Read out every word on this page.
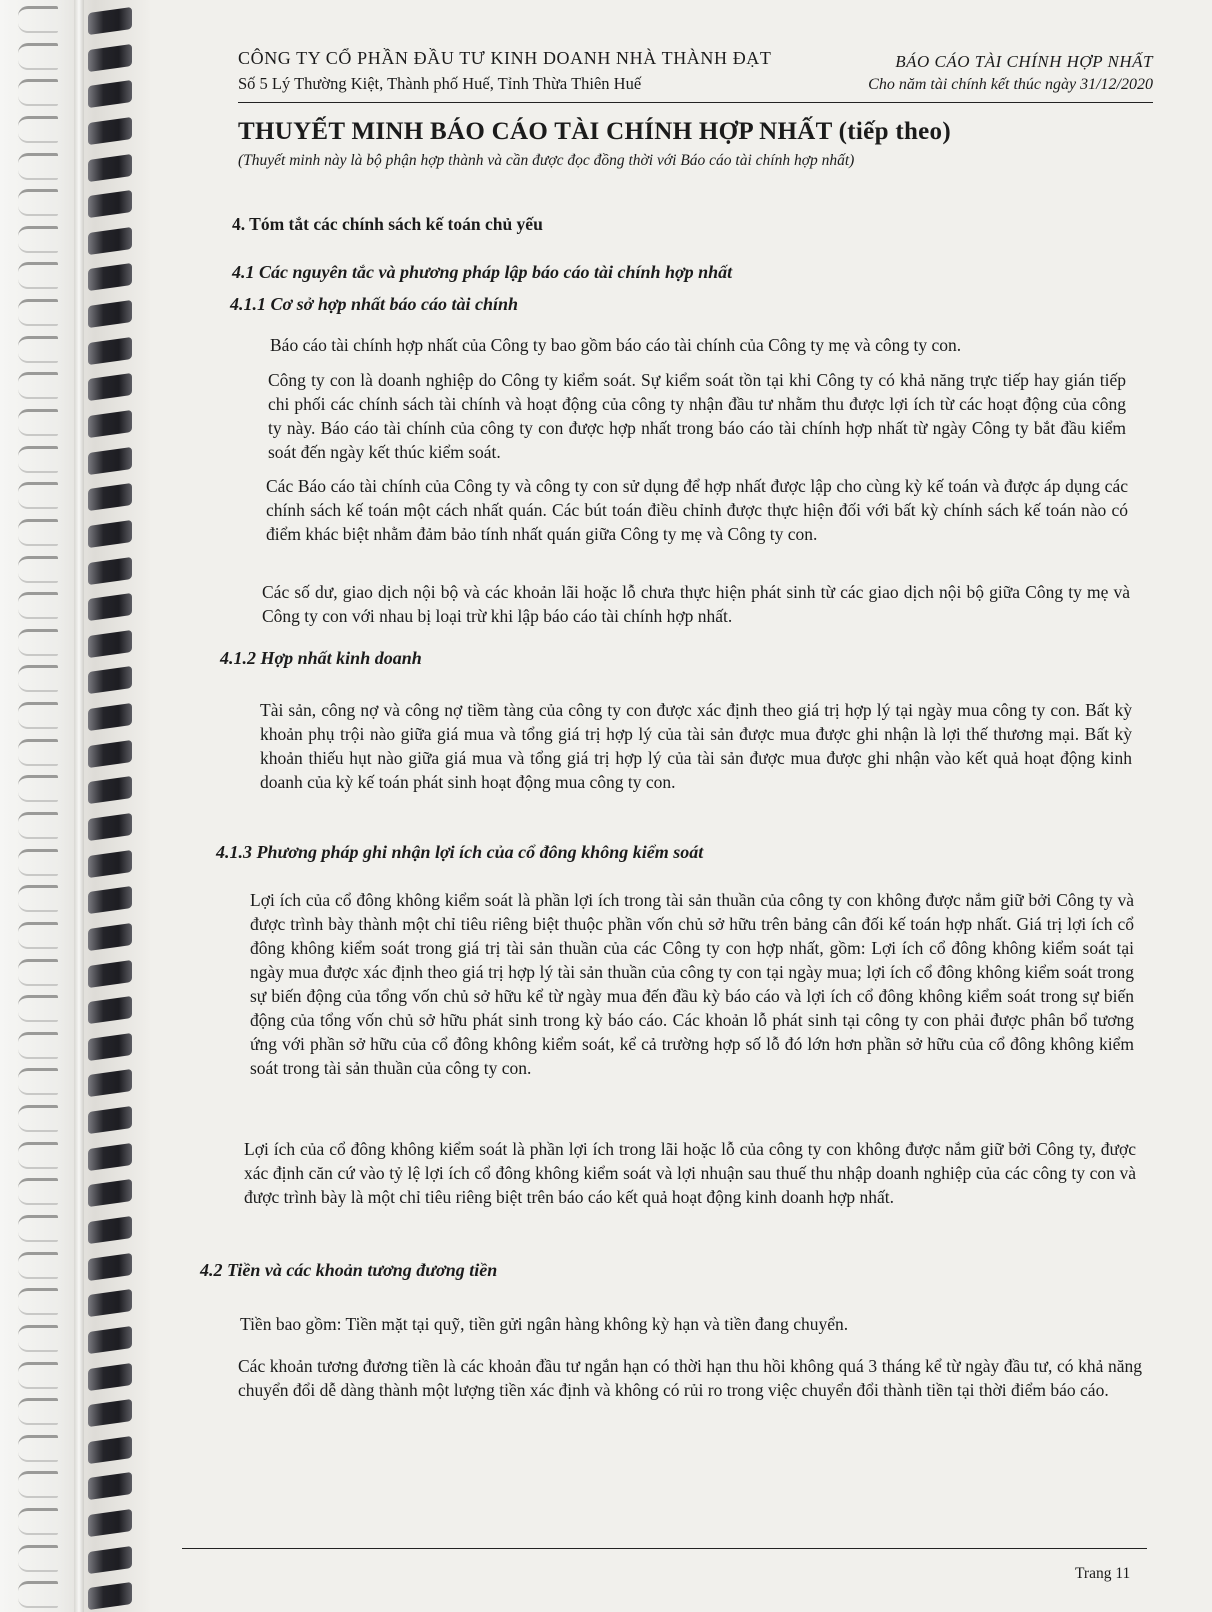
CÔNG TY CỔ PHẦN ĐẦU TƯ KINH DOANH NHÀ THÀNH ĐẠT
Số 5 Lý Thường Kiệt, Thành phố Huế, Tỉnh Thừa Thiên Huế
BÁO CÁO TÀI CHÍNH HỢP NHẤT
Cho năm tài chính kết thúc ngày 31/12/2020
THUYẾT MINH BÁO CÁO TÀI CHÍNH HỢP NHẤT (tiếp theo)
(Thuyết minh này là bộ phận hợp thành và cần được đọc đồng thời với Báo cáo tài chính hợp nhất)
4. Tóm tắt các chính sách kế toán chủ yếu
4.1 Các nguyên tắc và phương pháp lập báo cáo tài chính hợp nhất
4.1.1 Cơ sở hợp nhất báo cáo tài chính
Báo cáo tài chính hợp nhất của Công ty bao gồm báo cáo tài chính của Công ty mẹ và công ty con.
Công ty con là doanh nghiệp do Công ty kiểm soát. Sự kiểm soát tồn tại khi Công ty có khả năng trực tiếp hay gián tiếp chi phối các chính sách tài chính và hoạt động của công ty nhận đầu tư nhằm thu được lợi ích từ các hoạt động của công ty này. Báo cáo tài chính của công ty con được hợp nhất trong báo cáo tài chính hợp nhất từ ngày Công ty bắt đầu kiểm soát đến ngày kết thúc kiểm soát.
Các Báo cáo tài chính của Công ty và công ty con sử dụng để hợp nhất được lập cho cùng kỳ kế toán và được áp dụng các chính sách kế toán một cách nhất quán. Các bút toán điều chỉnh được thực hiện đối với bất kỳ chính sách kế toán nào có điểm khác biệt nhằm đảm bảo tính nhất quán giữa Công ty mẹ và Công ty con.
Các số dư, giao dịch nội bộ và các khoản lãi hoặc lỗ chưa thực hiện phát sinh từ các giao dịch nội bộ giữa Công ty mẹ và Công ty con với nhau bị loại trừ khi lập báo cáo tài chính hợp nhất.
4.1.2 Hợp nhất kinh doanh
Tài sản, công nợ và công nợ tiềm tàng của công ty con được xác định theo giá trị hợp lý tại ngày mua công ty con. Bất kỳ khoản phụ trội nào giữa giá mua và tổng giá trị hợp lý của tài sản được mua được ghi nhận là lợi thế thương mại. Bất kỳ khoản thiếu hụt nào giữa giá mua và tổng giá trị hợp lý của tài sản được mua được ghi nhận vào kết quả hoạt động kinh doanh của kỳ kế toán phát sinh hoạt động mua công ty con.
4.1.3 Phương pháp ghi nhận lợi ích của cổ đông không kiểm soát
Lợi ích của cổ đông không kiểm soát là phần lợi ích trong tài sản thuần của công ty con không được nắm giữ bởi Công ty và được trình bày thành một chỉ tiêu riêng biệt thuộc phần vốn chủ sở hữu trên bảng cân đối kế toán hợp nhất. Giá trị lợi ích cổ đông không kiểm soát trong giá trị tài sản thuần của các Công ty con hợp nhất, gồm: Lợi ích cổ đông không kiểm soát tại ngày mua được xác định theo giá trị hợp lý tài sản thuần của công ty con tại ngày mua; lợi ích cổ đông không kiểm soát trong sự biến động của tổng vốn chủ sở hữu kể từ ngày mua đến đầu kỳ báo cáo và lợi ích cổ đông không kiểm soát trong sự biến động của tổng vốn chủ sở hữu phát sinh trong kỳ báo cáo. Các khoản lỗ phát sinh tại công ty con phải được phân bổ tương ứng với phần sở hữu của cổ đông không kiểm soát, kể cả trường hợp số lỗ đó lớn hơn phần sở hữu của cổ đông không kiểm soát trong tài sản thuần của công ty con.
Lợi ích của cổ đông không kiểm soát là phần lợi ích trong lãi hoặc lỗ của công ty con không được nắm giữ bởi Công ty, được xác định căn cứ vào tỷ lệ lợi ích cổ đông không kiểm soát và lợi nhuận sau thuế thu nhập doanh nghiệp của các công ty con và được trình bày là một chỉ tiêu riêng biệt trên báo cáo kết quả hoạt động kinh doanh hợp nhất.
4.2 Tiền và các khoản tương đương tiền
Tiền bao gồm: Tiền mặt tại quỹ, tiền gửi ngân hàng không kỳ hạn và tiền đang chuyển.
Các khoản tương đương tiền là các khoản đầu tư ngắn hạn có thời hạn thu hồi không quá 3 tháng kể từ ngày đầu tư, có khả năng chuyển đổi dễ dàng thành một lượng tiền xác định và không có rủi ro trong việc chuyển đổi thành tiền tại thời điểm báo cáo.
Trang 11
